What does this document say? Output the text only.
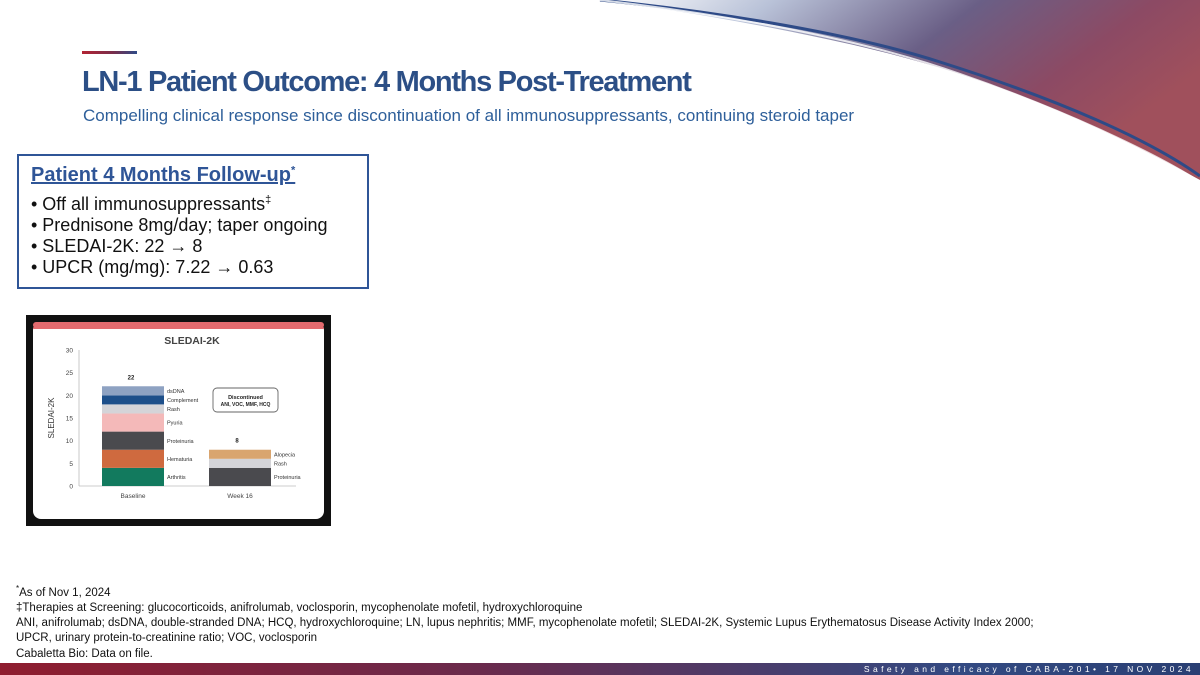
LN-1 Patient Outcome: 4 Months Post-Treatment
Compelling clinical response since discontinuation of all immunosuppressants, continuing steroid taper
Patient 4 Months Follow-up*
• Off all immunosuppressants‡
• Prednisone 8mg/day; taper ongoing
• SLEDAI-2K: 22 → 8
• UPCR (mg/mg): 7.22 → 0.63
SLEDAI-2K
0
5
10
15
20
25
30
SLEDAI-2K
Baseline	Week 16
Arthritis
Hematuria
Proteinuria
Pyuria
Rash
Complement
dsDNA
Proteinuria
Rash
Alopecia
22
8
Discontinued
ANI, VOC, MMF, HCQ
*As of Nov 1, 2024
‡Therapies at Screening: glucocorticoids, anifrolumab, voclosporin, mycophenolate mofetil, hydroxychloroquine
ANI, anifrolumab; dsDNA, double-stranded DNA; HCQ, hydroxychloroquine; LN, lupus nephritis; MMF, mycophenolate mofetil; SLEDAI-2K, Systemic Lupus Erythematosus Disease Activity Index 2000;
UPCR, urinary protein-to-creatinine ratio; VOC, voclosporin
Cabaletta Bio: Data on file.
Safety and efficacy of CABA-201• 17 NOV 2024
